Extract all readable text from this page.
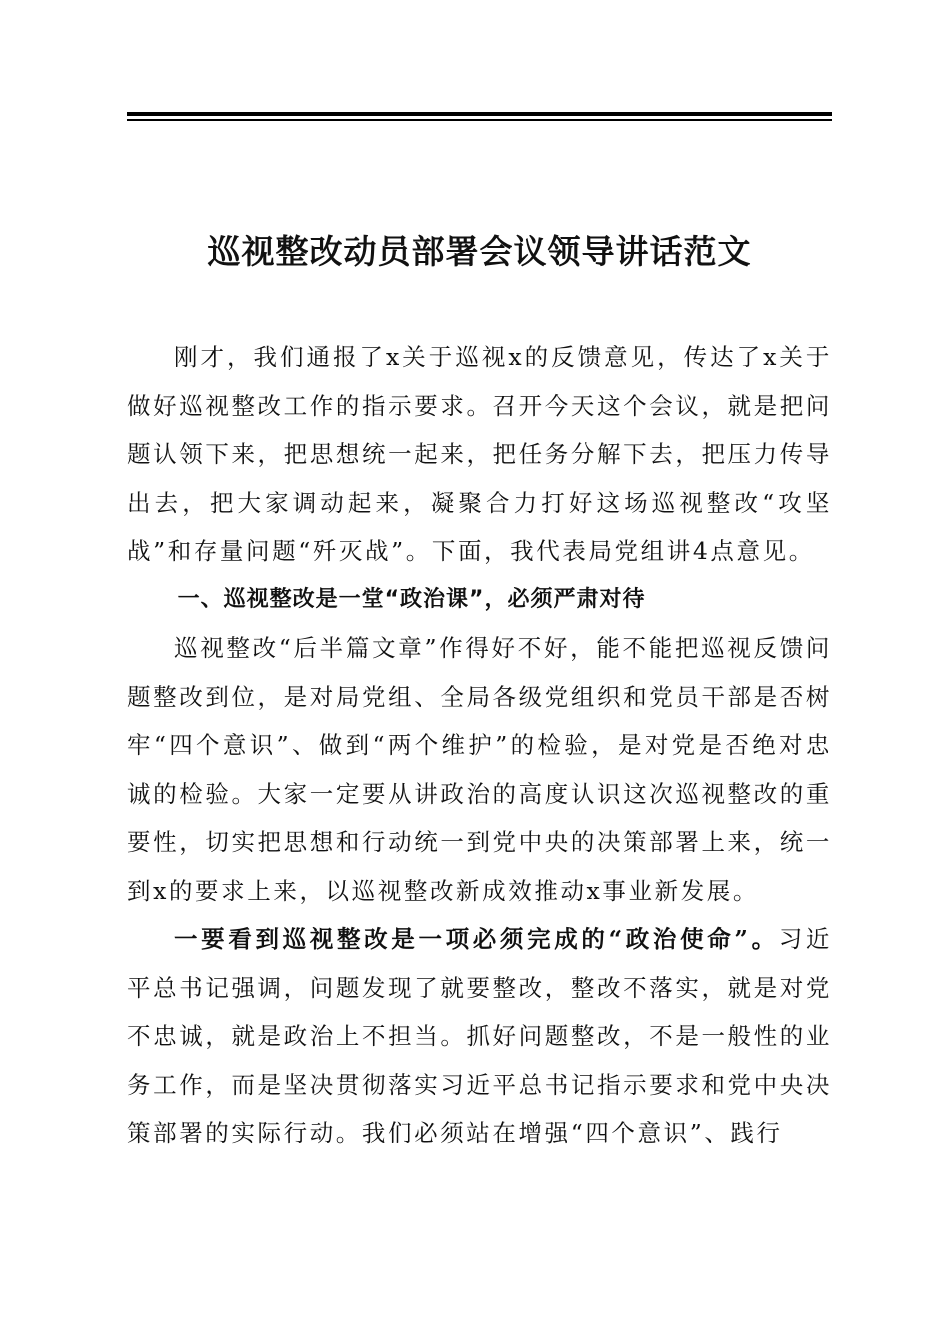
巡视整改动员部署会议领导讲话范文

刚才，我们通报了x关于巡视x的反馈意见，传达了x关于做好巡视整改工作的指示要求。召开今天这个会议，就是把问题认领下来，把思想统一起来，把任务分解下去，把压力传导出去，把大家调动起来，凝聚合力打好这场巡视整改“攻坚战”和存量问题“歼灭战”。下面，我代表局党组讲4点意见。

一、巡视整改是一堂“政治课”，必须严肃对待

巡视整改“后半篇文章”作得好不好，能不能把巡视反馈问题整改到位，是对局党组、全局各级党组织和党员干部是否树牢“四个意识”、做到“两个维护”的检验，是对党是否绝对忠诚的检验。大家一定要从讲政治的高度认识这次巡视整改的重要性，切实把思想和行动统一到党中央的决策部署上来，统一到x的要求上来，以巡视整改新成效推动x事业新发展。

一要看到巡视整改是一项必须完成的“政治使命”。习近平总书记强调，问题发现了就要整改，整改不落实，就是对党不忠诚，就是政治上不担当。抓好问题整改，不是一般性的业务工作，而是坚决贯彻落实习近平总书记指示要求和党中央决策部署的实际行动。我们必须站在增强“四个意识”、践行
